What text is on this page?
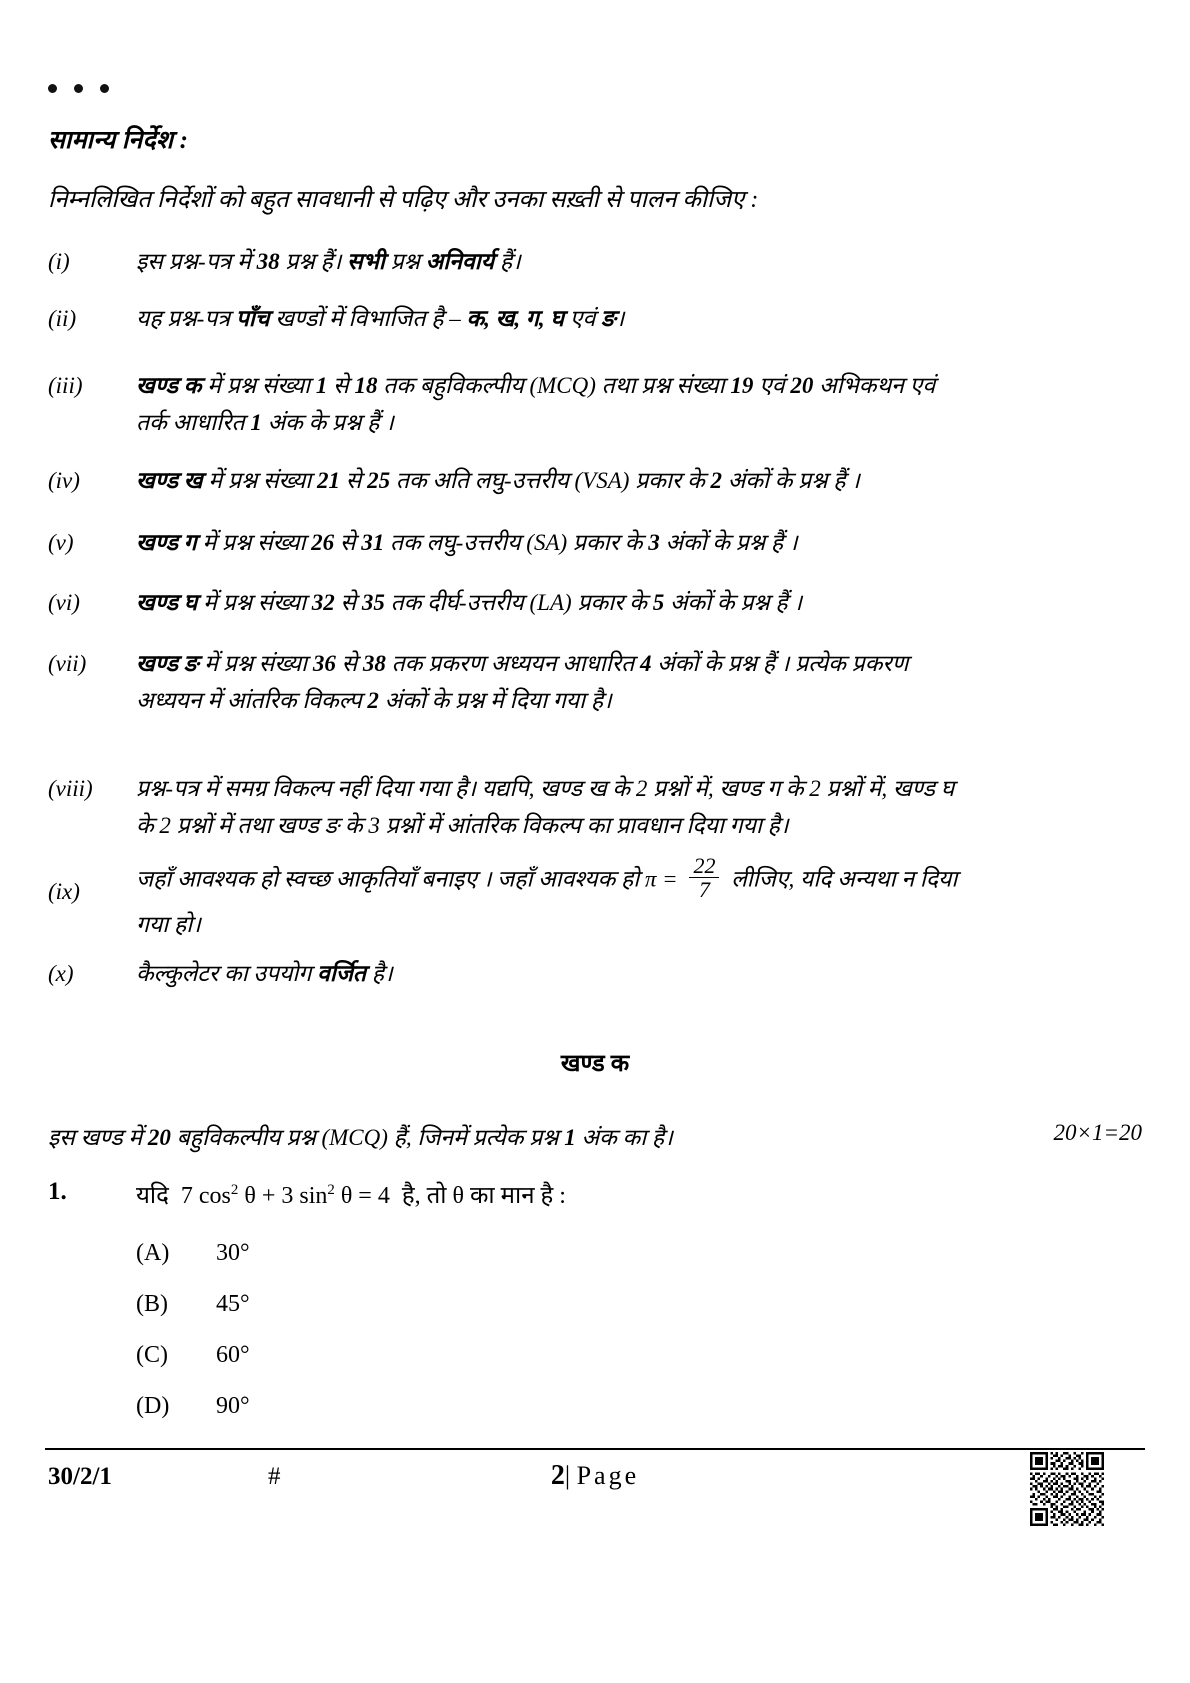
सामान्य निर्देश :
निम्नलिखित निर्देशों को बहुत सावधानी से पढ़िए और उनका सख़्ती से पालन कीजिए :
(i)	इस प्रश्न-पत्र में 38 प्रश्न हैं। सभी प्रश्न अनिवार्य हैं।
(ii)	यह प्रश्न-पत्र पाँच खण्डों में विभाजित है – क, ख, ग, घ एवं ङ।
(iii)	खण्ड क में प्रश्न संख्या 1 से 18 तक बहुविकल्पीय (MCQ) तथा प्रश्न संख्या 19 एवं 20 अभिकथन एवं
तर्क आधारित 1 अंक के प्रश्न हैं ।
(iv)	खण्ड ख में प्रश्न संख्या 21 से 25 तक अति लघु-उत्तरीय (VSA) प्रकार के 2 अंकों के प्रश्न हैं ।
(v)	खण्ड ग में प्रश्न संख्या 26 से 31 तक लघु-उत्तरीय (SA) प्रकार के 3 अंकों के प्रश्न हैं ।
(vi)	खण्ड घ में प्रश्न संख्या 32 से 35 तक दीर्घ-उत्तरीय (LA) प्रकार के 5 अंकों के प्रश्न हैं ।
(vii)	खण्ड ङ में प्रश्न संख्या 36 से 38 तक प्रकरण अध्ययन आधारित 4 अंकों के प्रश्न हैं । प्रत्येक प्रकरण
अध्ययन में आंतरिक विकल्प 2 अंकों के प्रश्न में दिया गया है।
(viii)	प्रश्न-पत्र में समग्र विकल्प नहीं दिया गया है। यद्यपि, खण्ड ख के 2 प्रश्नों में, खण्ड ग के 2 प्रश्नों में, खण्ड घ
के 2 प्रश्नों में तथा खण्ड ङ के 3 प्रश्नों में आंतरिक विकल्प का प्रावधान दिया गया है।
(ix)
जहाँ आवश्यक हो स्वच्छ आकृतियाँ बनाइए । जहाँ आवश्यक हो $\pi = \frac{22}{7}$ लीजिए, यदि अन्यथा न दिया
गया हो।
(x)	कैल्कुलेटर का उपयोग वर्जित है।
खण्ड क
इस खण्ड में 20 बहुविकल्पीय प्रश्न (MCQ) हैं, जिनमें प्रत्येक प्रश्न 1 अंक का है।	20×1=20
1.	यदि 7 $\cos^2 \theta + 3$ $\sin^2 \theta = 4$ है, तो θ का मान है :
(A) 30°
(B) 45°
(C) 60°
(D) 90°
30/2/1	#	2| Page
